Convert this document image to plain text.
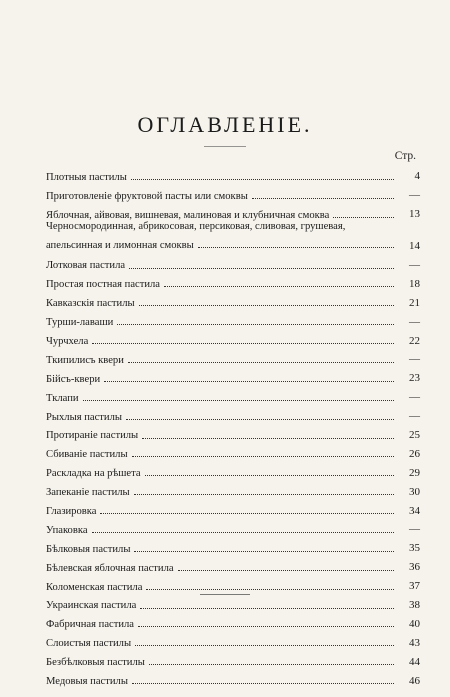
ОГЛАВЛЕНІЕ.
Стр.
Плотныя пастилы	4
Приготовленіе фруктовой пасты или смоквы	—
Яблочная, айвовая, вишневая, малиновая и клубничная смоква	13
Черносмородинная, абрикосовая, персиковая, сливовая, грушевая,
апельсинная и лимонная смоквы	14
Лотковая пастила	—
Простая постная пастила	18
Кавказскія пастилы	21
Турши-лаваши	—
Чурчхела	22
Ткипилисъ квери	—
Бійсъ-квери	23
Тклапи	—
Рыхлыя пастилы	—
Протираніе пастилы	25
Сбиваніе пастилы	26
Раскладка на рѣшета	29
Запеканіе пастилы	30
Глазировка	34
Упаковка	—
Бѣлковыя пастилы	35
Бѣлевская яблочная пастила	36
Коломенская пастила	37
Украинская пастила	38
Фабричная пастила	40
Слоистыя пастилы	43
Безбѣлковыя пастилы	44
Медовыя пастилы	46
